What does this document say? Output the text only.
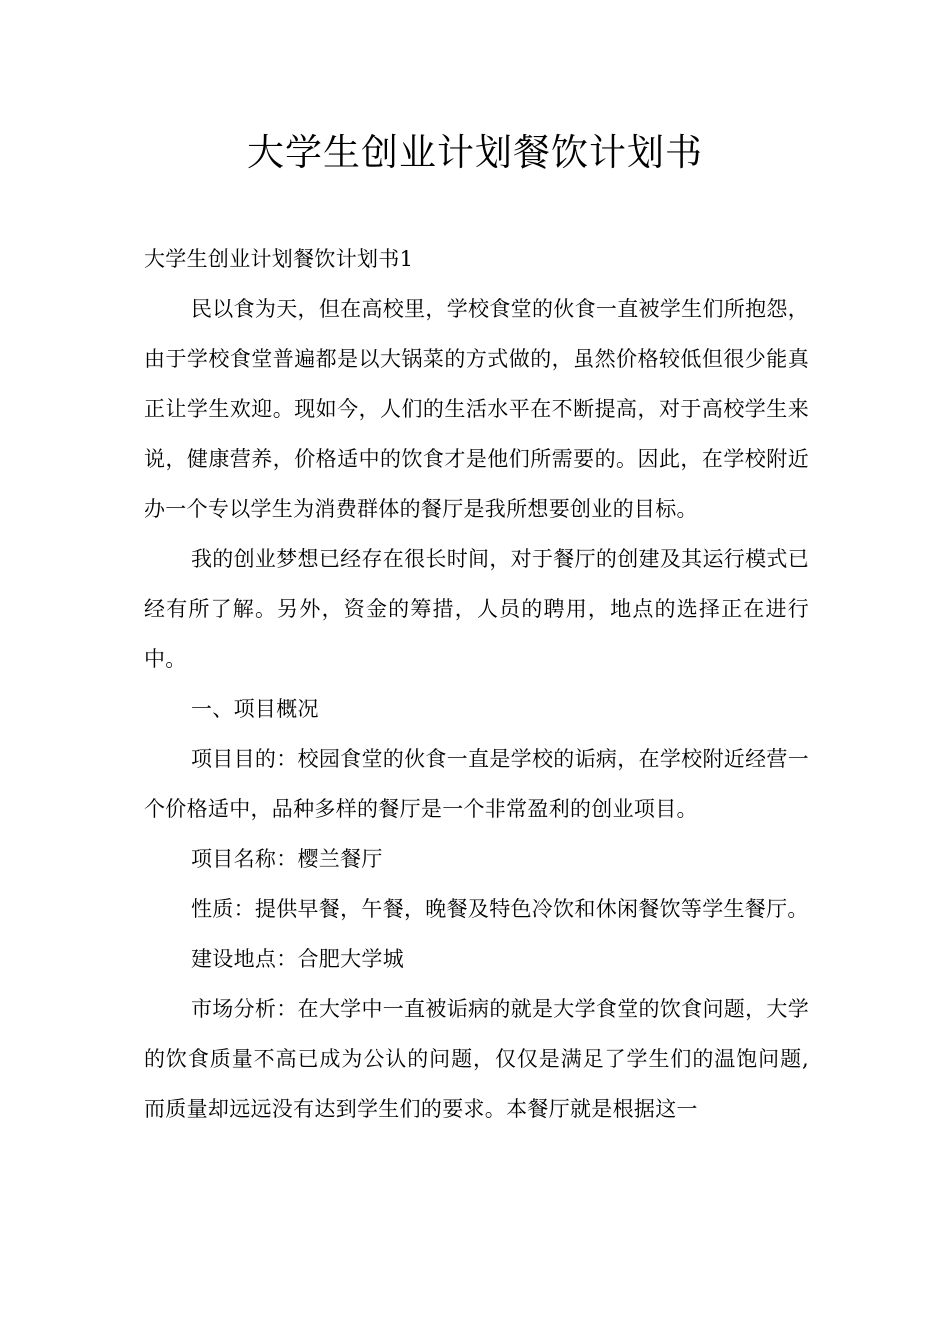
大学生创业计划餐饮计划书

大学生创业计划餐饮计划书1

民以食为天，但在高校里，学校食堂的伙食一直被学生们所抱怨，由于学校食堂普遍都是以大锅菜的方式做的，虽然价格较低但很少能真正让学生欢迎。现如今，人们的生活水平在不断提高，对于高校学生来说，健康营养，价格适中的饮食才是他们所需要的。因此，在学校附近办一个专以学生为消费群体的餐厅是我所想要创业的目标。

我的创业梦想已经存在很长时间，对于餐厅的创建及其运行模式已经有所了解。另外，资金的筹措，人员的聘用，地点的选择正在进行中。

一、项目概况

项目目的：校园食堂的伙食一直是学校的诟病，在学校附近经营一个价格适中，品种多样的餐厅是一个非常盈利的创业项目。

项目名称：樱兰餐厅

性质：提供早餐，午餐，晚餐及特色冷饮和休闲餐饮等学生餐厅。

建设地点：合肥大学城

市场分析：在大学中一直被诟病的就是大学食堂的饮食问题，大学的饮食质量不高已成为公认的问题，仅仅是满足了学生们的温饱问题,而质量却远远没有达到学生们的要求。本餐厅就是根据这一
